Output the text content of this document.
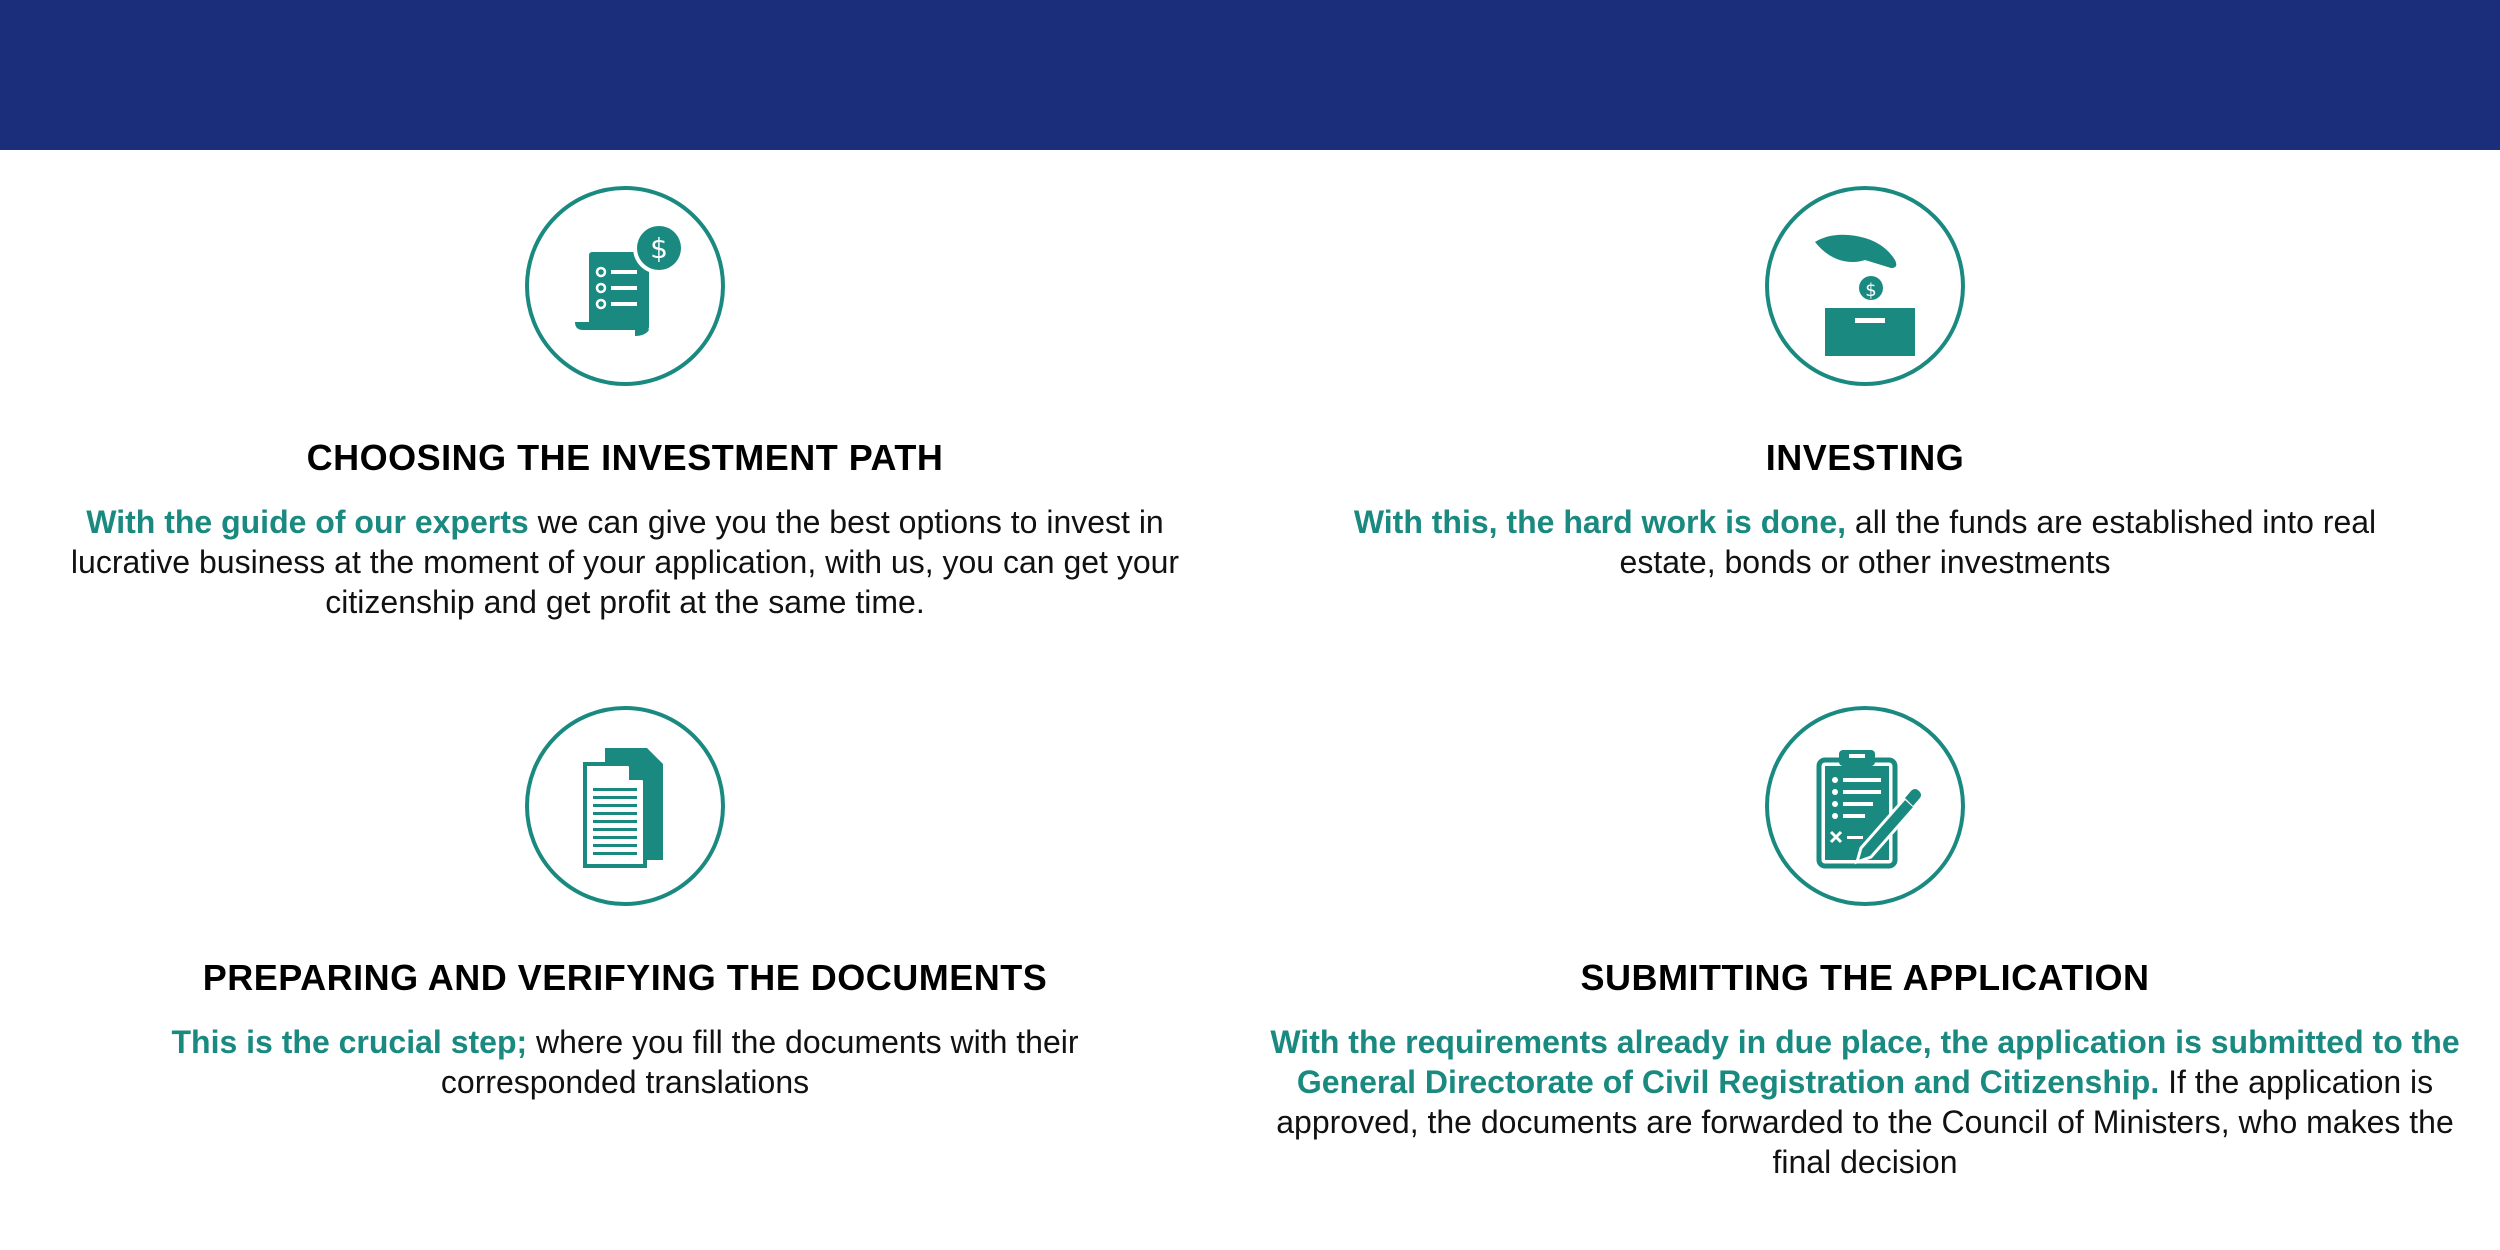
$
CHOOSING THE INVESTMENT PATH
With the guide of our experts we can give you the best options to invest in lucrative business at the moment of your application, with us, you can get your citizenship and get profit at the same time.
$
INVESTING
With this, the hard work is done, all the funds are established into real estate, bonds or other investments
PREPARING AND VERIFYING THE DOCUMENTS
This is the crucial step; where you fill the documents with their corresponded translations
SUBMITTING THE APPLICATION
With the requirements already in due place, the application is submitted to the General Directorate of Civil Registration and Citizenship. If the application is approved, the documents are forwarded to the Council of Ministers, who makes the final decision
